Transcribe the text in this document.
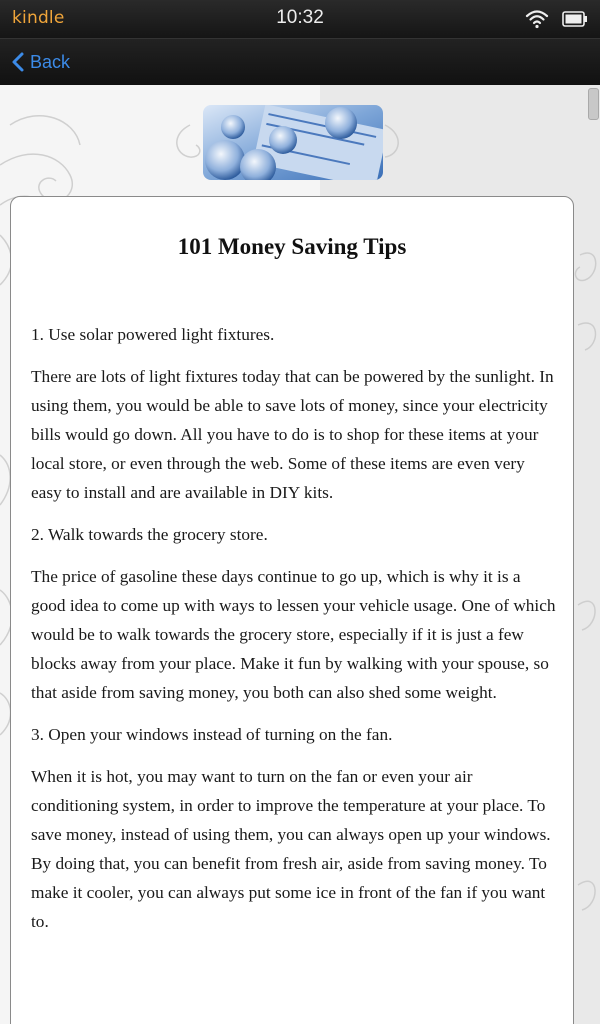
kindle	10:32
Back
101 Money Saving Tips

1. Use solar powered light fixtures.

There are lots of light fixtures today that can be powered by the sunlight. In using them, you would be able to save lots of money, since your electricity bills would go down. All you have to do is to shop for these items at your local store, or even through the web. Some of these items are even very easy to install and are available in DIY kits.

2. Walk towards the grocery store.

The price of gasoline these days continue to go up, which is why it is a good idea to come up with ways to lessen your vehicle usage. One of which would be to walk towards the grocery store, especially if it is just a few blocks away from your place. Make it fun by walking with your spouse, so that aside from saving money, you both can also shed some weight.

3. Open your windows instead of turning on the fan.

When it is hot, you may want to turn on the fan or even your air conditioning system, in order to improve the temperature at your place. To save money, instead of using them, you can always open up your windows. By doing that, you can benefit from fresh air, aside from saving money. To make it cooler, you can always put some ice in front of the fan if you want to.
